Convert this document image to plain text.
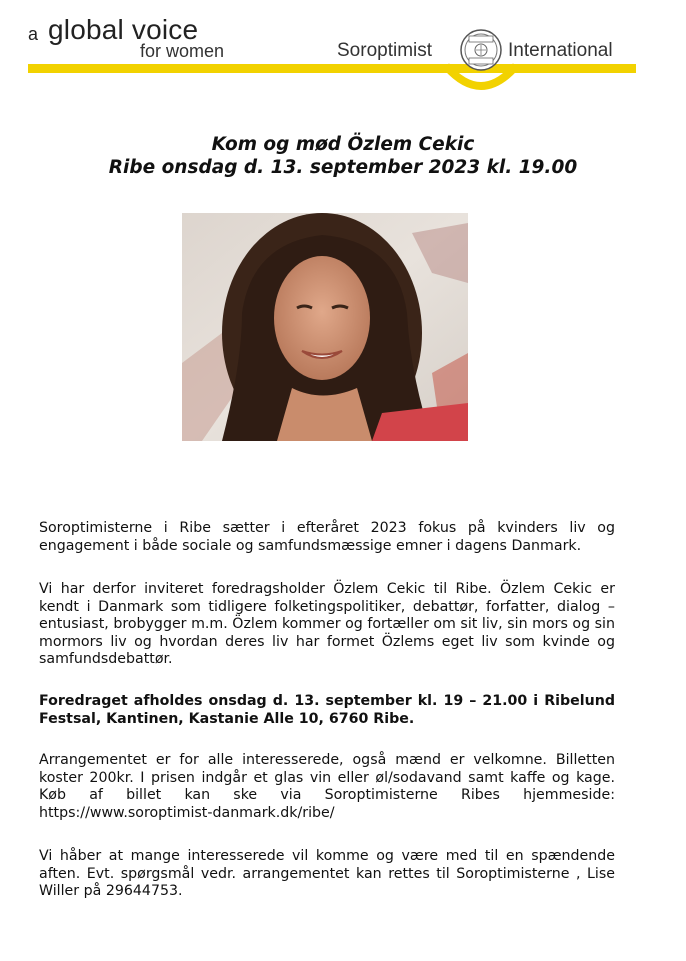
a global voice
for women	Soroptimist	International
Kom og mød Özlem Cekic
Ribe onsdag d. 13. september 2023 kl. 19.00
Soroptimisterne i Ribe sætter i efteråret 2023 fokus på kvinders liv og engagement i både sociale og samfundsmæssige emner i dagens Danmark.
Vi har derfor inviteret foredragsholder Özlem Cekic til Ribe. Özlem Cekic er kendt i Danmark som tidligere folketingspolitiker, debattør, forfatter, dialog – entusiast, brobygger m.m. Özlem kommer og fortæller om sit liv, sin mors og sin mormors liv og hvordan deres liv har formet Özlems eget liv som kvinde og samfundsdebattør.
Foredraget afholdes onsdag d. 13. september kl. 19 – 21.00 i Ribelund Festsal, Kantinen, Kastanie Alle 10, 6760 Ribe.
Arrangementet er for alle interesserede, også mænd er velkomne. Billetten koster 200kr. I prisen indgår et glas vin eller øl/sodavand samt kaffe og kage. Køb af billet kan ske via Soroptimisterne Ribes hjemmeside: https://www.soroptimist-danmark.dk/ribe/
Vi håber at mange interesserede vil komme og være med til en spændende aften. Evt. spørgsmål vedr. arrangementet kan rettes til Soroptimisterne , Lise Willer på 29644753.
